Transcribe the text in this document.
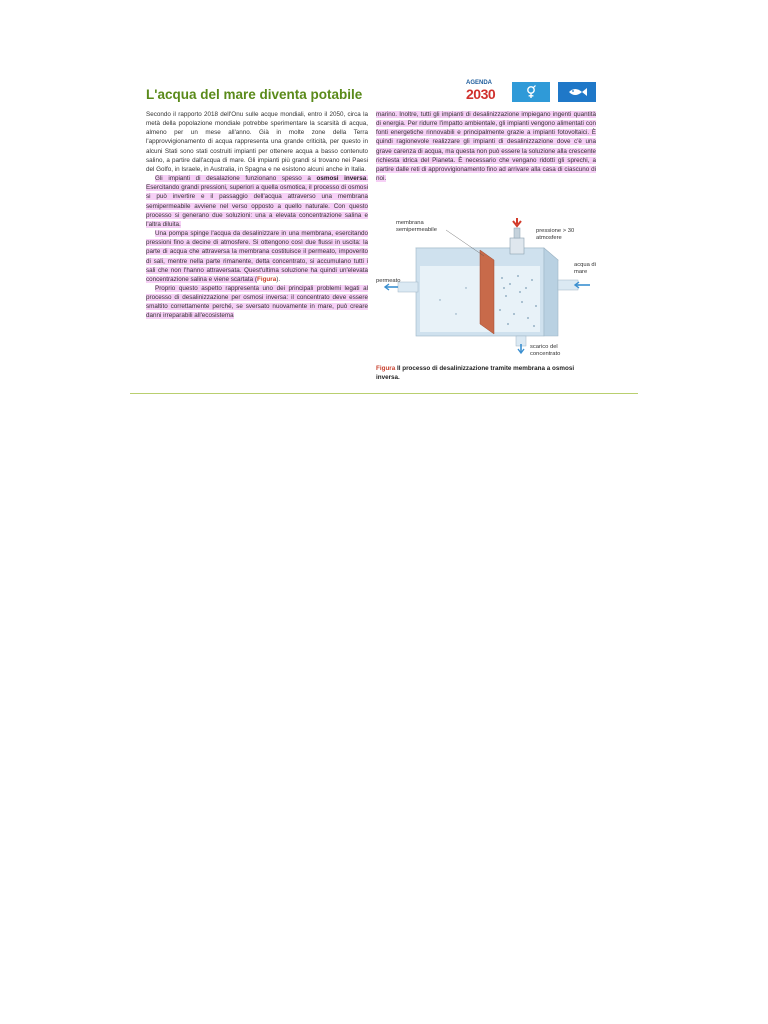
L'acqua del mare diventa potabile
AGENDA
2030

Secondo il rapporto 2018 dell'Onu sulle acque mondiali, entro il 2050, circa la metà della popolazione mondiale potrebbe sperimentare la scarsità di acqua, almeno per un mese all'anno. Già in molte zone della Terra l'approvvigionamento di acqua rappresenta una grande criticità, per questo in alcuni Stati sono stati costruiti impianti per ottenere acqua a basso contenuto salino, a partire dall'acqua di mare. Gli impianti più grandi si trovano nei Paesi del Golfo, in Israele, in Australia, in Spagna e ne esistono alcuni anche in Italia.

Gli impianti di desalazione funzionano spesso a osmosi inversa. Esercitando grandi pressioni, superiori a quella osmotica, il processo di osmosi si può invertire e il passaggio dell'acqua attraverso una membrana semipermeabile avviene nel verso opposto a quello naturale. Con questo processo si generano due soluzioni: una a elevata concentrazione salina e l'altra diluita.

Una pompa spinge l'acqua da desalinizzare in una membrana, esercitando pressioni fino a decine di atmosfere. Si ottengono così due flussi in uscita: la parte di acqua che attraversa la membrana costituisce il permeato, impoverito di sali, mentre nella parte rimanente, detta concentrato, si accumulano tutti i sali che non l'hanno attraversata. Quest'ultima soluzione ha quindi un'elevata concentrazione salina e viene scartata (Figura).

Proprio questo aspetto rappresenta uno dei principali problemi legati al processo di desalinizzazione per osmosi inversa: il concentrato deve essere smaltito correttamente perché, se sversato nuovamente in mare, può creare danni irreparabili all'ecosistema

marino. Inoltre, tutti gli impianti di desalinizzazione impiegano ingenti quantità di energia. Per ridurre l'impatto ambientale, gli impianti vengono alimentati con fonti energetiche rinnovabili e principalmente grazie a impianti fotovoltaici. È quindi ragionevole realizzare gli impianti di desalinizzazione dove c'è una grave carenza di acqua, ma questa non può essere la soluzione alla crescente richiesta idrica del Pianeta. È necessario che vengano ridotti gli sprechi, a partire dalle reti di approvvigionamento fino ad arrivare alla casa di ciascuno di noi.

membrana semipermeabile	pressione > 30 atmosfere
acqua di mare
permeato
scarico del concentrato
Figura Il processo di desalinizzazione tramite membrana a osmosi inversa.
